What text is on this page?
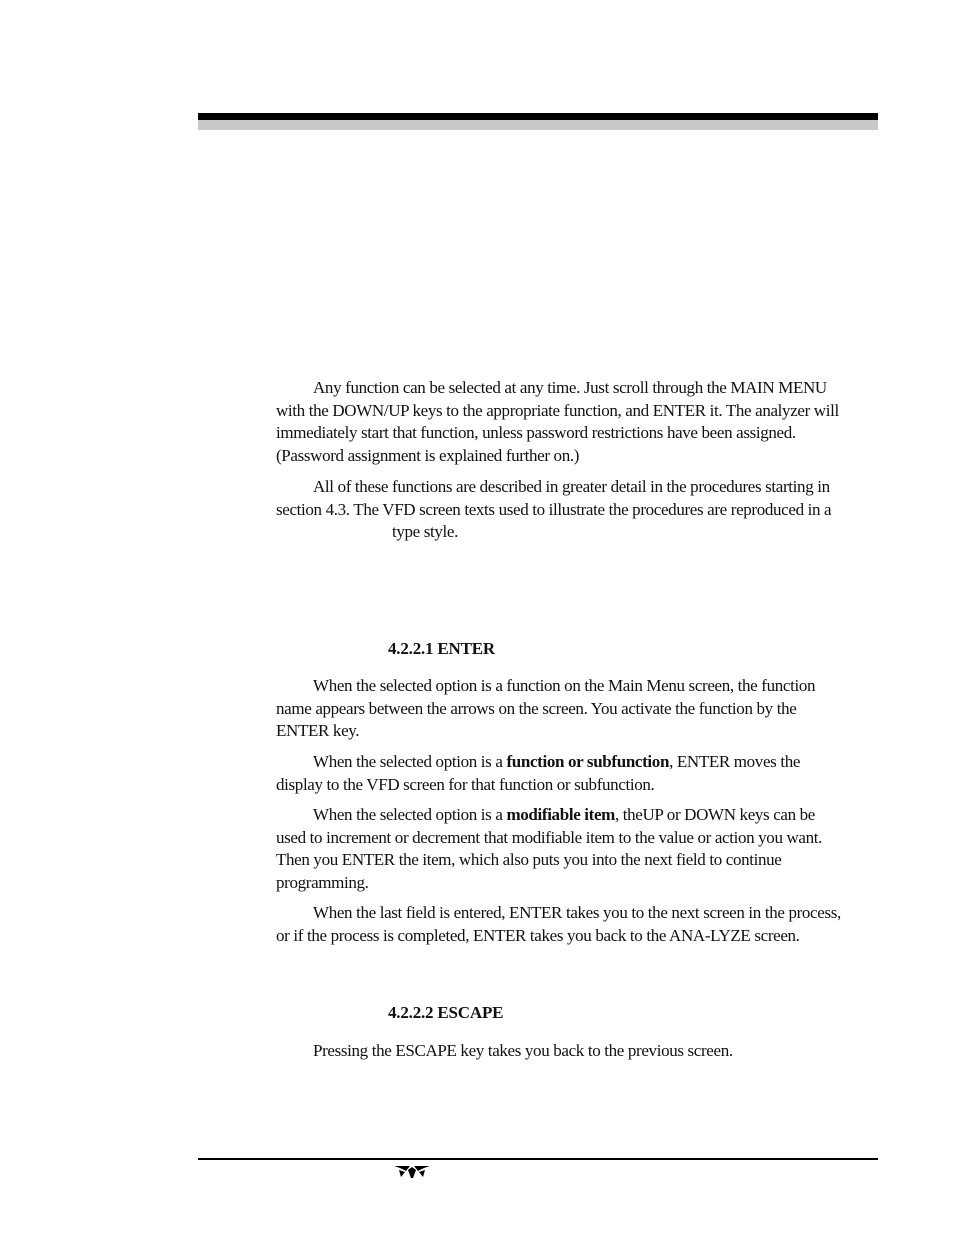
Any function can be selected at any time. Just scroll through the MAIN MENU with the DOWN/UP keys to the appropriate function, and ENTER it. The analyzer will immediately start that function, unless password restrictions have been assigned. (Password assignment is explained further on.)

All of these functions are described in greater detail in the procedures starting in section 4.3. The VFD screen texts used to illustrate the procedures are reproduced in atype style.

4.2.2.1 ENTER

When the selected option is a function on the Main Menu screen, the function name appears between the arrows on the screen. You activate the function by the ENTER key.

When the selected option is a function or subfunction, ENTER moves the display to the VFD screen for that function or subfunction.

When the selected option is a modifiable item, theUP or DOWN keys can be used to increment or decrement that modifiable item to the value or action you want. Then you ENTER the item, which also puts you into the next field to continue programming.

When the last field is entered, ENTER takes you to the next screen in the process, or if the process is completed, ENTER takes you back to the ANA-LYZE screen.

4.2.2.2 ESCAPE

Pressing the ESCAPE key takes you back to the previous screen.
